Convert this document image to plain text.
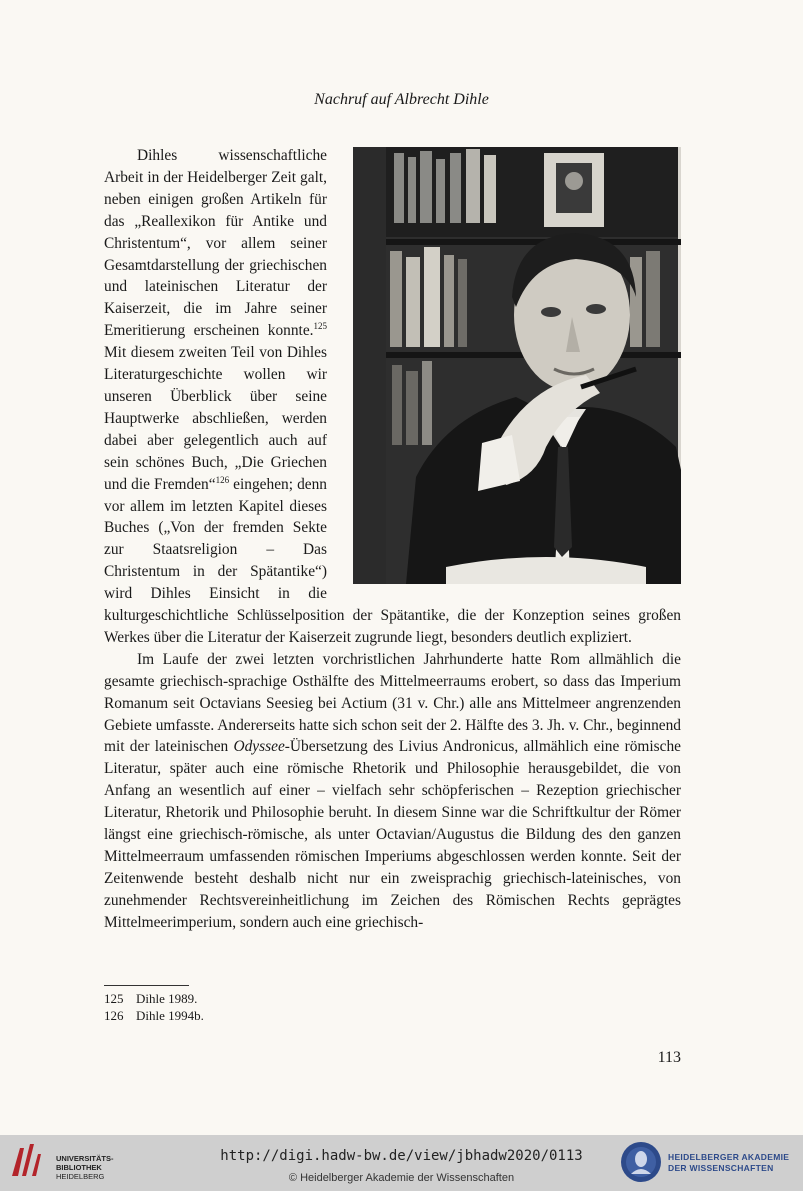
Nachruf auf Albrecht Dihle

Dihles wissenschaftliche Arbeit in der Heidelberger Zeit galt, neben einigen großen Artikeln für das „Reallexikon für Antike und Christentum“, vor allem seiner Gesamtdarstellung der griechischen und lateinischen Literatur der Kaiserzeit, die im Jahre seiner Emeritierung erscheinen konnte.$^{125}$ Mit diesem zweiten Teil von Dihles Literaturgeschichte wollen wir unseren Überblick über seine Hauptwerke abschließen, werden dabei aber gelegentlich auch auf sein schönes Buch, „Die Griechen und die Fremden“$^{126}$ eingehen; denn vor allem im letzten Kapitel dieses Buches („Von der fremden Sekte zur Staatsreligion – Das Christentum in der Spätantike“) wird Dihles Einsicht in die kulturgeschichtliche Schlüsselposition der Spätantike, die der Konzeption seines großen Werkes über die Literatur der Kaiserzeit zugrunde liegt, besonders deutlich expliziert.

Im Laufe der zwei letzten vorchristlichen Jahrhunderte hatte Rom allmählich die gesamte griechisch-sprachige Osthälfte des Mittelmeerraums erobert, so dass das Imperium Romanum seit Octavians Seesieg bei Actium (31 v. Chr.) alle ans Mittelmeer angrenzenden Gebiete umfasste. Andererseits hatte sich schon seit der 2. Hälfte des 3. Jh. v. Chr., beginnend mit der lateinischen Odyssee-Übersetzung des Livius Andronicus, allmählich eine römische Literatur, später auch eine römische Rhetorik und Philosophie herausgebildet, die von Anfang an wesentlich auf einer – vielfach sehr schöpferischen – Rezeption griechischer Literatur, Rhetorik und Philosophie beruht. In diesem Sinne war die Schriftkultur der Römer längst eine griechisch-römische, als unter Octavian/Augustus die Bildung des den ganzen Mittelmeerraum umfassenden römischen Imperiums abgeschlossen werden konnte. Seit der Zeitenwende besteht deshalb nicht nur ein zweisprachig griechisch-lateinisches, von zunehmender Rechtsvereinheitlichung im Zeichen des Römischen Rechts geprägtes Mittelmeerimperium, sondern auch eine griechisch-

125 Dihle 1989.
126 Dihle 1994b.
113
UNIVERSITÄTS-
BIBLIOTHEK
HEIDELBERG
http://digi.hadw-bw.de/view/jbhadw2020/0113
© Heidelberger Akademie der Wissenschaften
HEIDELBERGER AKADEMIE
DER WISSENSCHAFTEN
